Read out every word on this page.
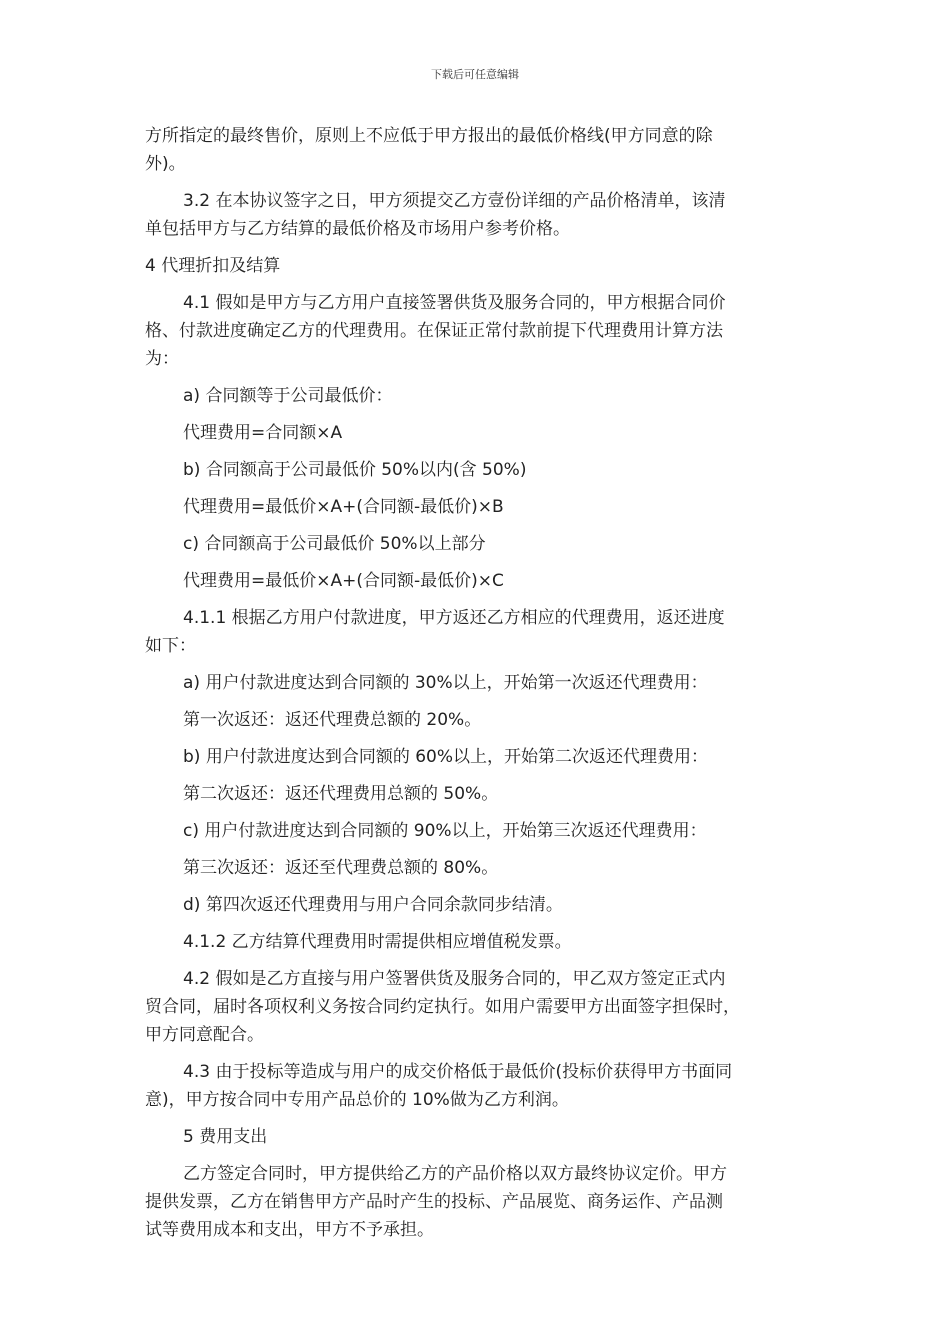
下载后可任意编辑
方所指定的最终售价，原则上不应低于甲方报出的最低价格线(甲方同意的除
外)。
3.2 在本协议签字之日，甲方须提交乙方壹份详细的产品价格清单，该清
单包括甲方与乙方结算的最低价格及市场用户参考价格。
4 代理折扣及结算
4.1 假如是甲方与乙方用户直接签署供货及服务合同的，甲方根据合同价
格、付款进度确定乙方的代理费用。在保证正常付款前提下代理费用计算方法
为：
a) 合同额等于公司最低价：
代理费用=合同额×A
b) 合同额高于公司最低价 50%以内(含 50%)
代理费用=最低价×A+(合同额-最低价)×B
c) 合同额高于公司最低价 50%以上部分
代理费用=最低价×A+(合同额-最低价)×C
4.1.1 根据乙方用户付款进度，甲方返还乙方相应的代理费用，返还进度
如下：
a) 用户付款进度达到合同额的 30%以上，开始第一次返还代理费用：
第一次返还：返还代理费总额的 20%。
b) 用户付款进度达到合同额的 60%以上，开始第二次返还代理费用：
第二次返还：返还代理费用总额的 50%。
c) 用户付款进度达到合同额的 90%以上，开始第三次返还代理费用：
第三次返还：返还至代理费总额的 80%。
d) 第四次返还代理费用与用户合同余款同步结清。
4.1.2 乙方结算代理费用时需提供相应增值税发票。
4.2 假如是乙方直接与用户签署供货及服务合同的，甲乙双方签定正式内
贸合同，届时各项权利义务按合同约定执行。如用户需要甲方出面签字担保时，
甲方同意配合。
4.3 由于投标等造成与用户的成交价格低于最低价(投标价获得甲方书面同
意)，甲方按合同中专用产品总价的 10%做为乙方利润。
5 费用支出
乙方签定合同时，甲方提供给乙方的产品价格以双方最终协议定价。甲方
提供发票，乙方在销售甲方产品时产生的投标、产品展览、商务运作、产品测
试等费用成本和支出，甲方不予承担。
